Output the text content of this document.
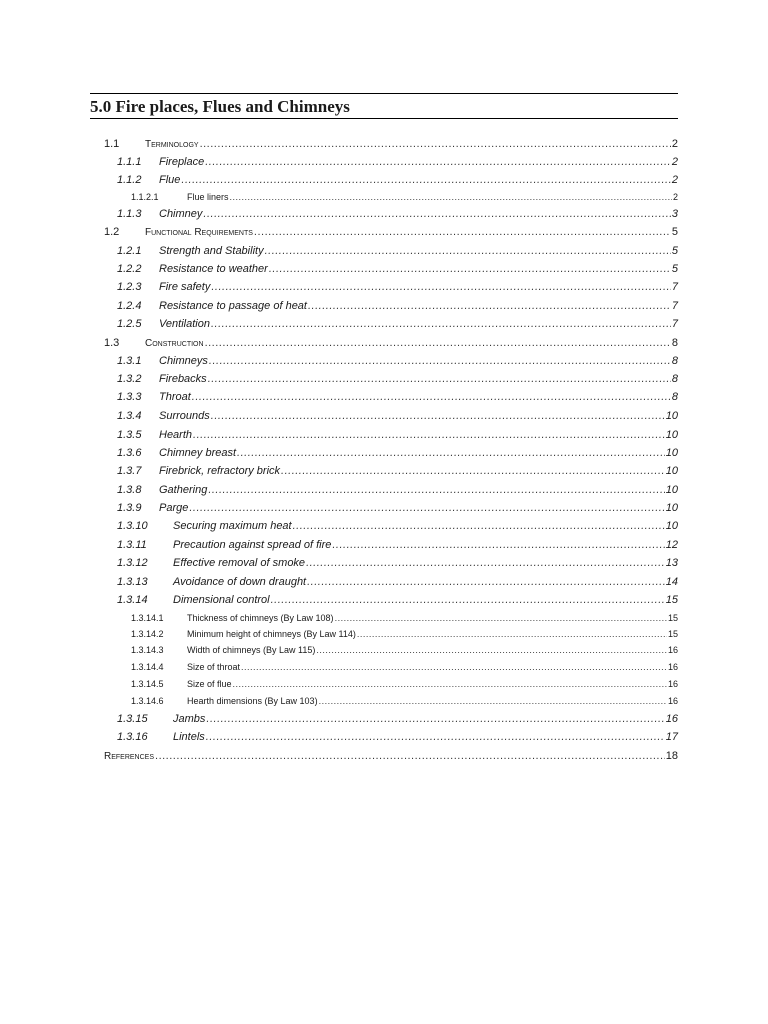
5.0 Fire places, Flues and Chimneys
1.1	Terminology .....	2
1.1.1	Fireplace .....	2
1.1.2	Flue .....	2
1.1.2.1	Flue liners .....	2
1.1.3	Chimney .....	3
1.2	Functional Requirements .....	5
1.2.1	Strength and Stability .....	5
1.2.2	Resistance to weather .....	5
1.2.3	Fire safety .....	7
1.2.4	Resistance to passage of heat .....	7
1.2.5	Ventilation .....	7
1.3	Construction .....	8
1.3.1	Chimneys .....	8
1.3.2	Firebacks .....	8
1.3.3	Throat .....	8
1.3.4	Surrounds .....	10
1.3.5	Hearth .....	10
1.3.6	Chimney breast .....	10
1.3.7	Firebrick, refractory brick .....	10
1.3.8	Gathering .....	10
1.3.9	Parge .....	10
1.3.10	Securing maximum heat .....	10
1.3.11	Precaution against spread of fire .....	12
1.3.12	Effective removal of smoke .....	13
1.3.13	Avoidance of down draught .....	14
1.3.14	Dimensional control .....	15
1.3.14.1	Thickness of chimneys (By Law 108) .....	15
1.3.14.2	Minimum height of chimneys (By Law 114) .....	15
1.3.14.3	Width of chimneys (By Law 115) .....	16
1.3.14.4	Size of throat .....	16
1.3.14.5	Size of flue .....	16
1.3.14.6	Hearth dimensions (By Law 103) .....	16
1.3.15	Jambs .....	16
1.3.16	Lintels .....	17
References .....	18
